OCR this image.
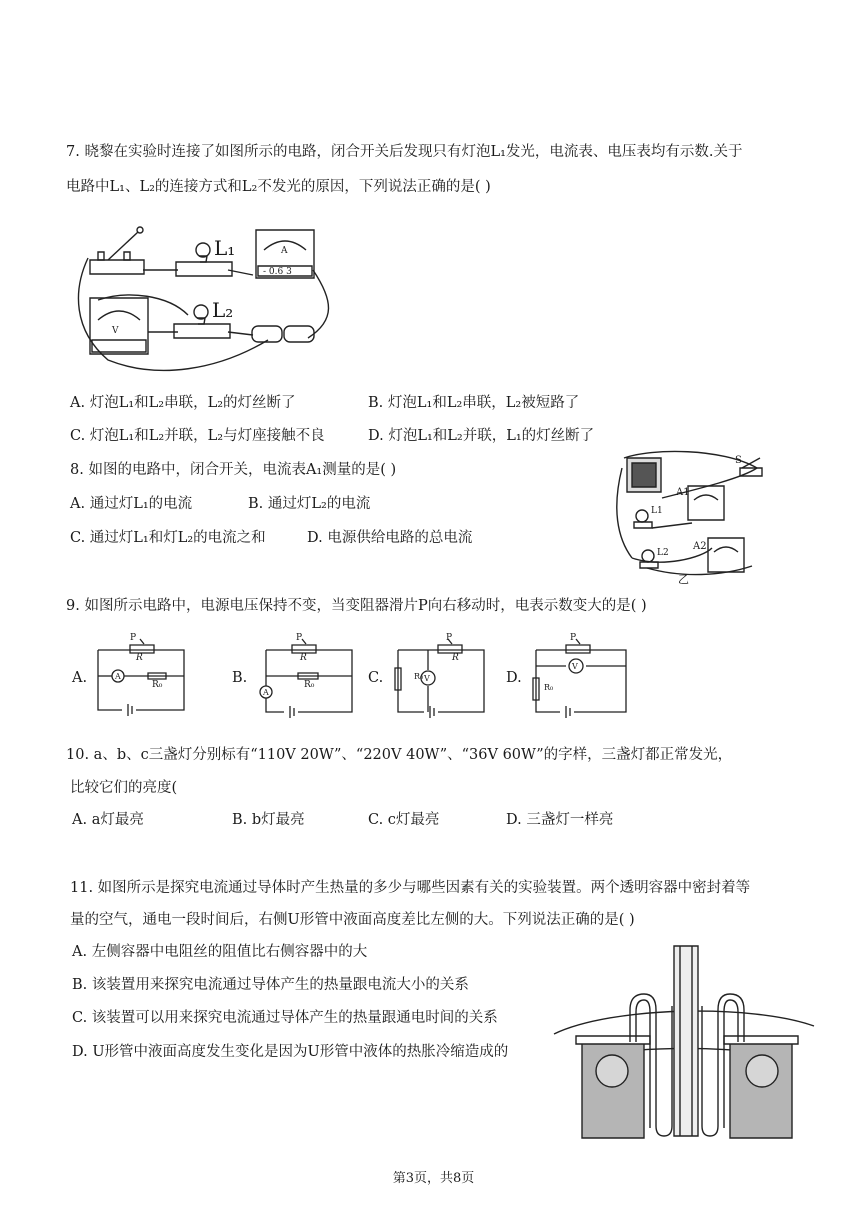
7. 晓黎在实验时连接了如图所示的电路，闭合开关后发现只有灯泡L₁发光，电流表、电压表均有示数.关于
电路中L₁、L₂的连接方式和L₂不发光的原因，下列说法正确的是( )
V
A
L₁
L₂
- 0.6 3
A. 灯泡L₁和L₂串联，L₂的灯丝断了	B. 灯泡L₁和L₂串联，L₂被短路了
C. 灯泡L₁和L₂并联，L₂与灯座接触不良	D. 灯泡L₁和L₂并联，L₁的灯丝断了
8. 如图的电路中，闭合开关，电流表A₁测量的是( )
A. 通过灯L₁的电流	B. 通过灯L₂的电流
C. 通过灯L₁和灯L₂的电流之和	D. 电源供给电路的总电流
S
A1
A2
L1
L2
乙
9. 如图所示电路中，电源电压保持不变，当变阻器滑片P向右移动时，电表示数变大的是( )
A.	A
P
R
R₀	B.
A
P
R
R₀	C.	V
P
R
R₀	D.
V
P
R₀
10. a、b、c三盏灯分别标有“110V 20W”、“220V 40W”、“36V 60W”的字样，三盏灯都正常发光，
比较它们的亮度(
A. a灯最亮	B. b灯最亮	C. c灯最亮	D. 三盏灯一样亮
11. 如图所示是探究电流通过导体时产生热量的多少与哪些因素有关的实验装置。两个透明容器中密封着等
量的空气，通电一段时间后，右侧U形管中液面高度差比左侧的大。下列说法正确的是( )
A. 左侧容器中电阻丝的阻值比右侧容器中的大
B. 该装置用来探究电流通过导体产生的热量跟电流大小的关系
C. 该装置可以用来探究电流通过导体产生的热量跟通电时间的关系
D. U形管中液面高度发生变化是因为U形管中液体的热胀冷缩造成的
第3页，共8页
